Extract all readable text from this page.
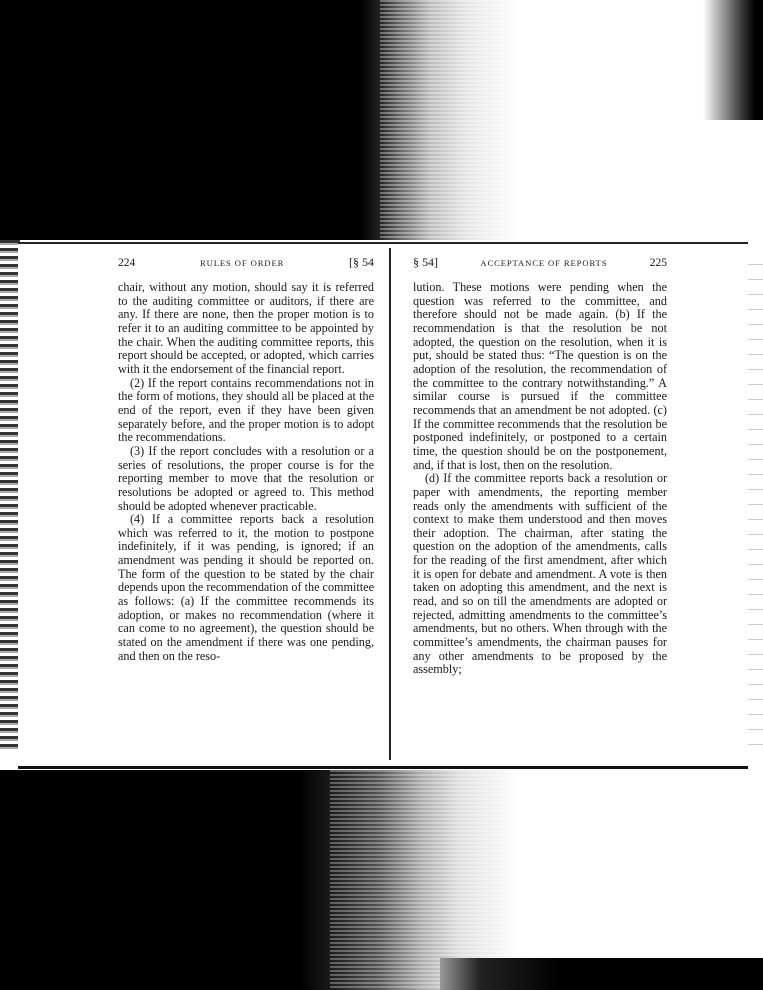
224	RULES OF ORDER	[§ 54

chair, without any motion, should say it is referred to the auditing committee or auditors, if there are any. If there are none, then the proper motion is to refer it to an auditing committee to be appointed by the chair. When the auditing committee reports, this report should be accepted, or adopted, which carries with it the endorsement of the financial report.

(2) If the report contains recommendations not in the form of motions, they should all be placed at the end of the report, even if they have been given separately before, and the proper motion is to adopt the recommendations.

(3) If the report concludes with a resolution or a series of resolutions, the proper course is for the reporting member to move that the resolution or resolutions be adopted or agreed to. This method should be adopted whenever practicable.

(4) If a committee reports back a resolution which was referred to it, the motion to postpone indefinitely, if it was pending, is ignored; if an amendment was pending it should be reported on. The form of the question to be stated by the chair depends upon the recommendation of the committee as follows: (a) If the committee recommends its adoption, or makes no recommendation (where it can come to no agreement), the question should be stated on the amendment if there was one pending, and then on the reso-

§ 54]	ACCEPTANCE OF REPORTS	225

lution. These motions were pending when the question was referred to the committee, and therefore should not be made again. (b) If the recommendation is that the resolution be not adopted, the question on the resolution, when it is put, should be stated thus: “The question is on the adoption of the resolution, the recommendation of the committee to the contrary notwithstanding.” A similar course is pursued if the committee recommends that an amendment be not adopted. (c) If the committee recommends that the resolution be postponed indefinitely, or postponed to a certain time, the question should be on the postponement, and, if that is lost, then on the resolution.

(d) If the committee reports back a resolution or paper with amendments, the reporting member reads only the amendments with sufficient of the context to make them understood and then moves their adoption. The chairman, after stating the question on the adoption of the amendments, calls for the reading of the first amendment, after which it is open for debate and amendment. A vote is then taken on adopting this amendment, and the next is read, and so on till the amendments are adopted or rejected, admitting amendments to the committee’s amendments, but no others. When through with the committee’s amendments, the chairman pauses for any other amendments to be proposed by the assembly;
